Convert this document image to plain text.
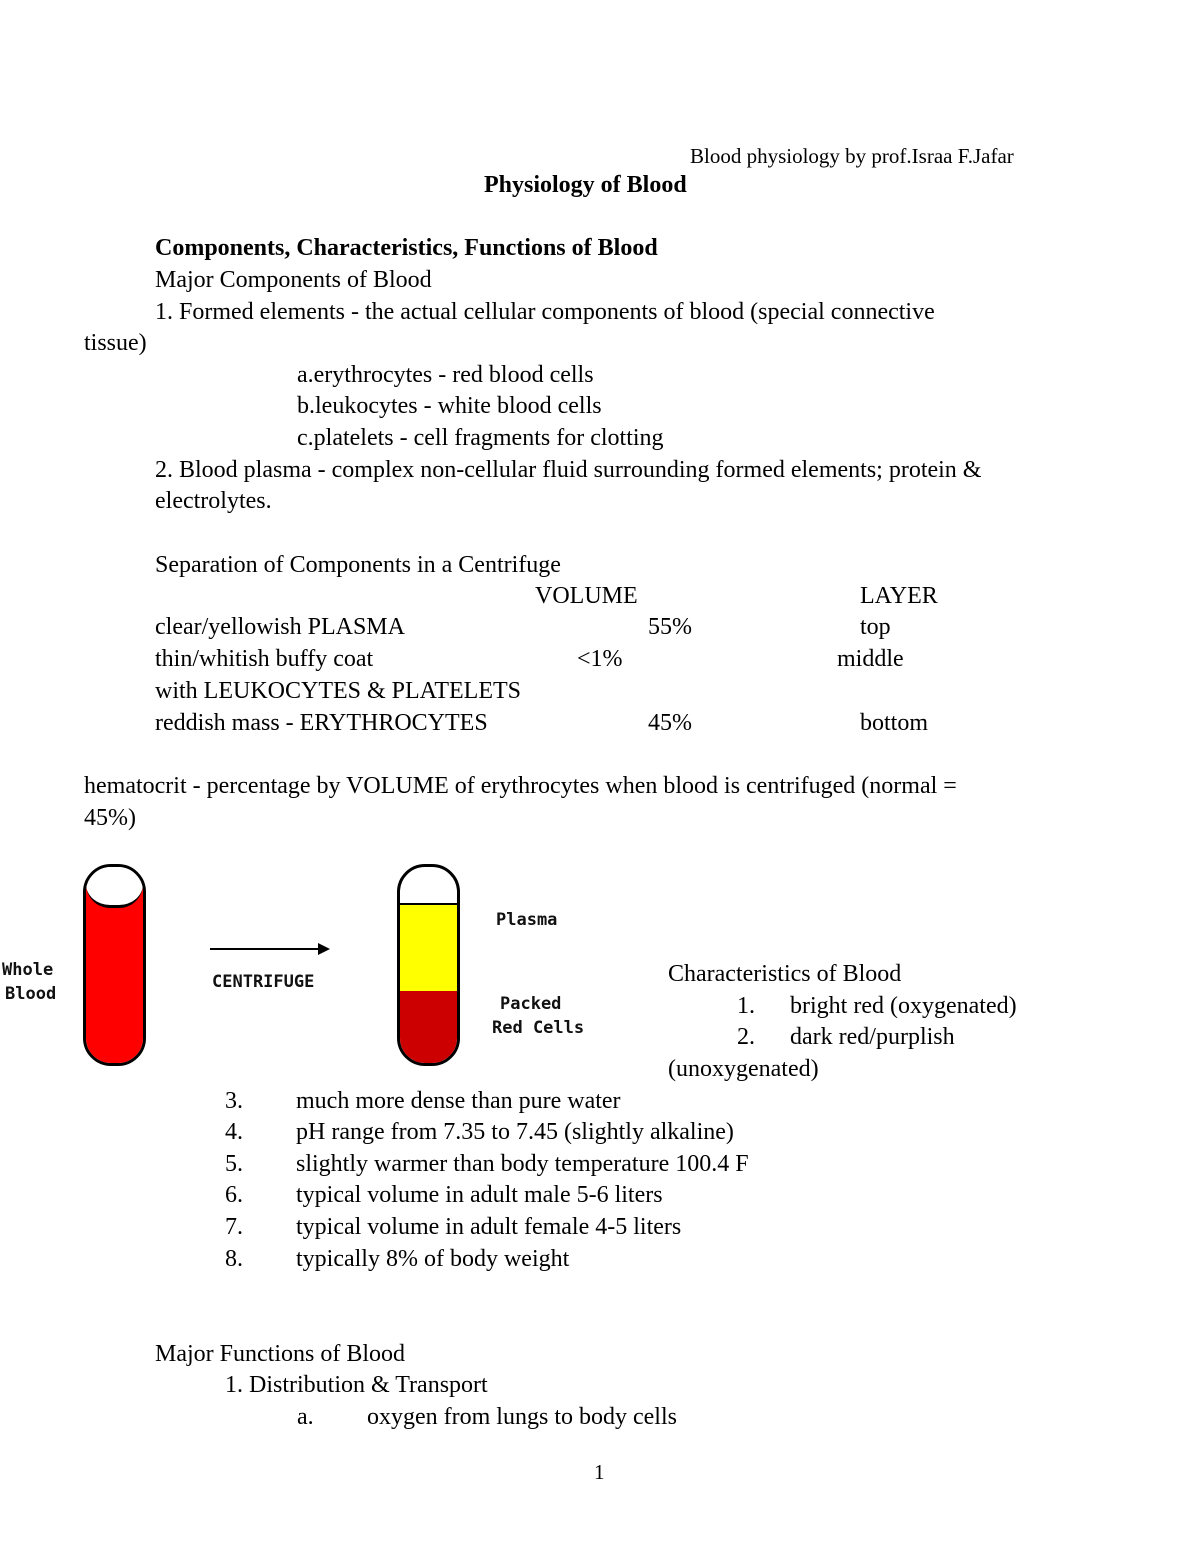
Blood physiology by prof.Israa F.Jafar
Physiology of Blood
Components, Characteristics, Functions of Blood
Major Components of Blood
1. Formed elements - the actual cellular components of blood (special connective
tissue)
a.erythrocytes - red blood cells
b.leukocytes - white blood cells
c.platelets - cell fragments for clotting
2. Blood plasma - complex non-cellular fluid surrounding formed elements; protein &
electrolytes.
Separation of Components in a Centrifuge
VOLUME	LAYER
clear/yellowish PLASMA	55%	top
thin/whitish buffy coat	<1%	middle
with LEUKOCYTES & PLATELETS
reddish mass - ERYTHROCYTES	45%	bottom
hematocrit - percentage by VOLUME of erythrocytes when blood is centrifuged (normal =
45%)
Whole
Blood
CENTRIFUGE
Plasma
Packed
Red Cells
Characteristics of Blood
1. bright red (oxygenated)
2. dark red/purplish
(unoxygenated)
3. much more dense than pure water
4. pH range from 7.35 to 7.45 (slightly alkaline)
5. slightly warmer than body temperature 100.4 F
6. typical volume in adult male 5-6 liters
7. typical volume in adult female 4-5 liters
8. typically 8% of body weight
Major Functions of Blood
1. Distribution & Transport
a. oxygen from lungs to body cells
1
